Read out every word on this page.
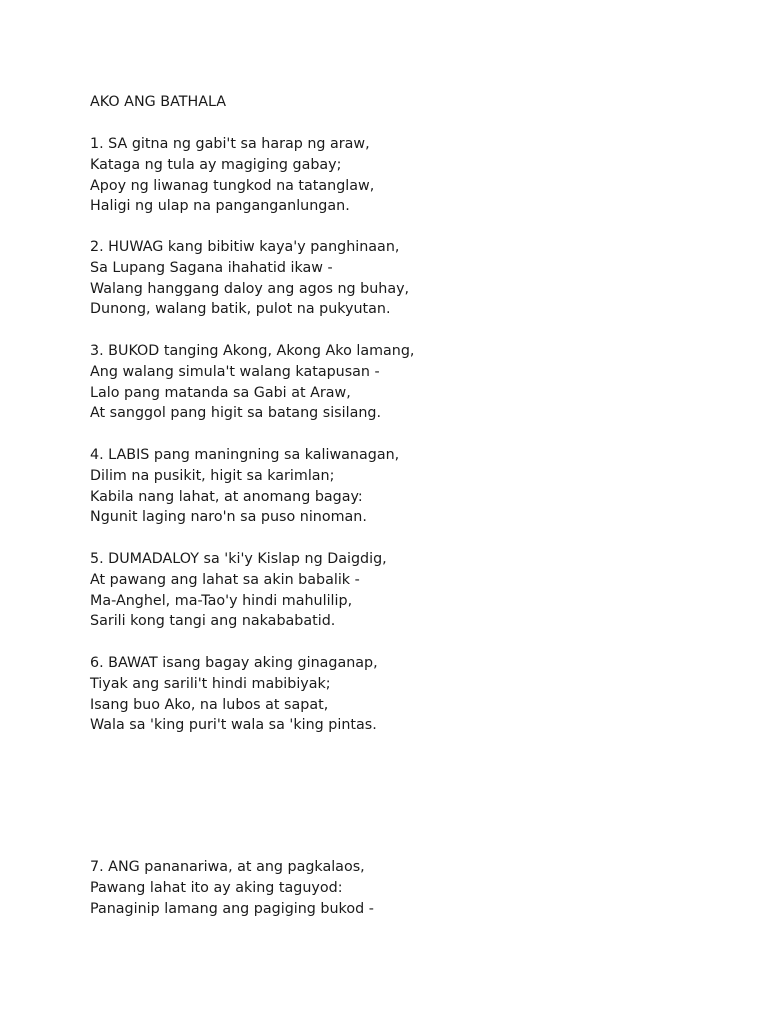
AKO ANG BATHALA
1. SA gitna ng gabi't sa harap ng araw,
Kataga ng tula ay magiging gabay;
Apoy ng liwanag tungkod na tatanglaw,
Haligi ng ulap na panganganlungan.
2. HUWAG kang bibitiw kaya'y panghinaan,
Sa Lupang Sagana ihahatid ikaw -
Walang hanggang daloy ang agos ng buhay,
Dunong, walang batik, pulot na pukyutan.
3. BUKOD tanging Akong, Akong Ako lamang,
Ang walang simula't walang katapusan -
Lalo pang matanda sa Gabi at Araw,
At sanggol pang higit sa batang sisilang.
4. LABIS pang maningning sa kaliwanagan,
Dilim na pusikit, higit sa karimlan;
Kabila nang lahat, at anomang bagay:
Ngunit laging naro'n sa puso ninoman.
5. DUMADALOY sa 'ki'y Kislap ng Daigdig,
At pawang ang lahat sa akin babalik -
Ma-Anghel, ma-Tao'y hindi mahulilip,
Sarili kong tangi ang nakababatid.
6. BAWAT isang bagay aking ginaganap,
Tiyak ang sarili't hindi mabibiyak;
Isang buo Ako, na lubos at sapat,
Wala sa 'king puri't wala sa 'king pintas.
7. ANG pananariwa, at ang pagkalaos,
Pawang lahat ito ay aking taguyod:
Panaginip lamang ang pagiging bukod -
